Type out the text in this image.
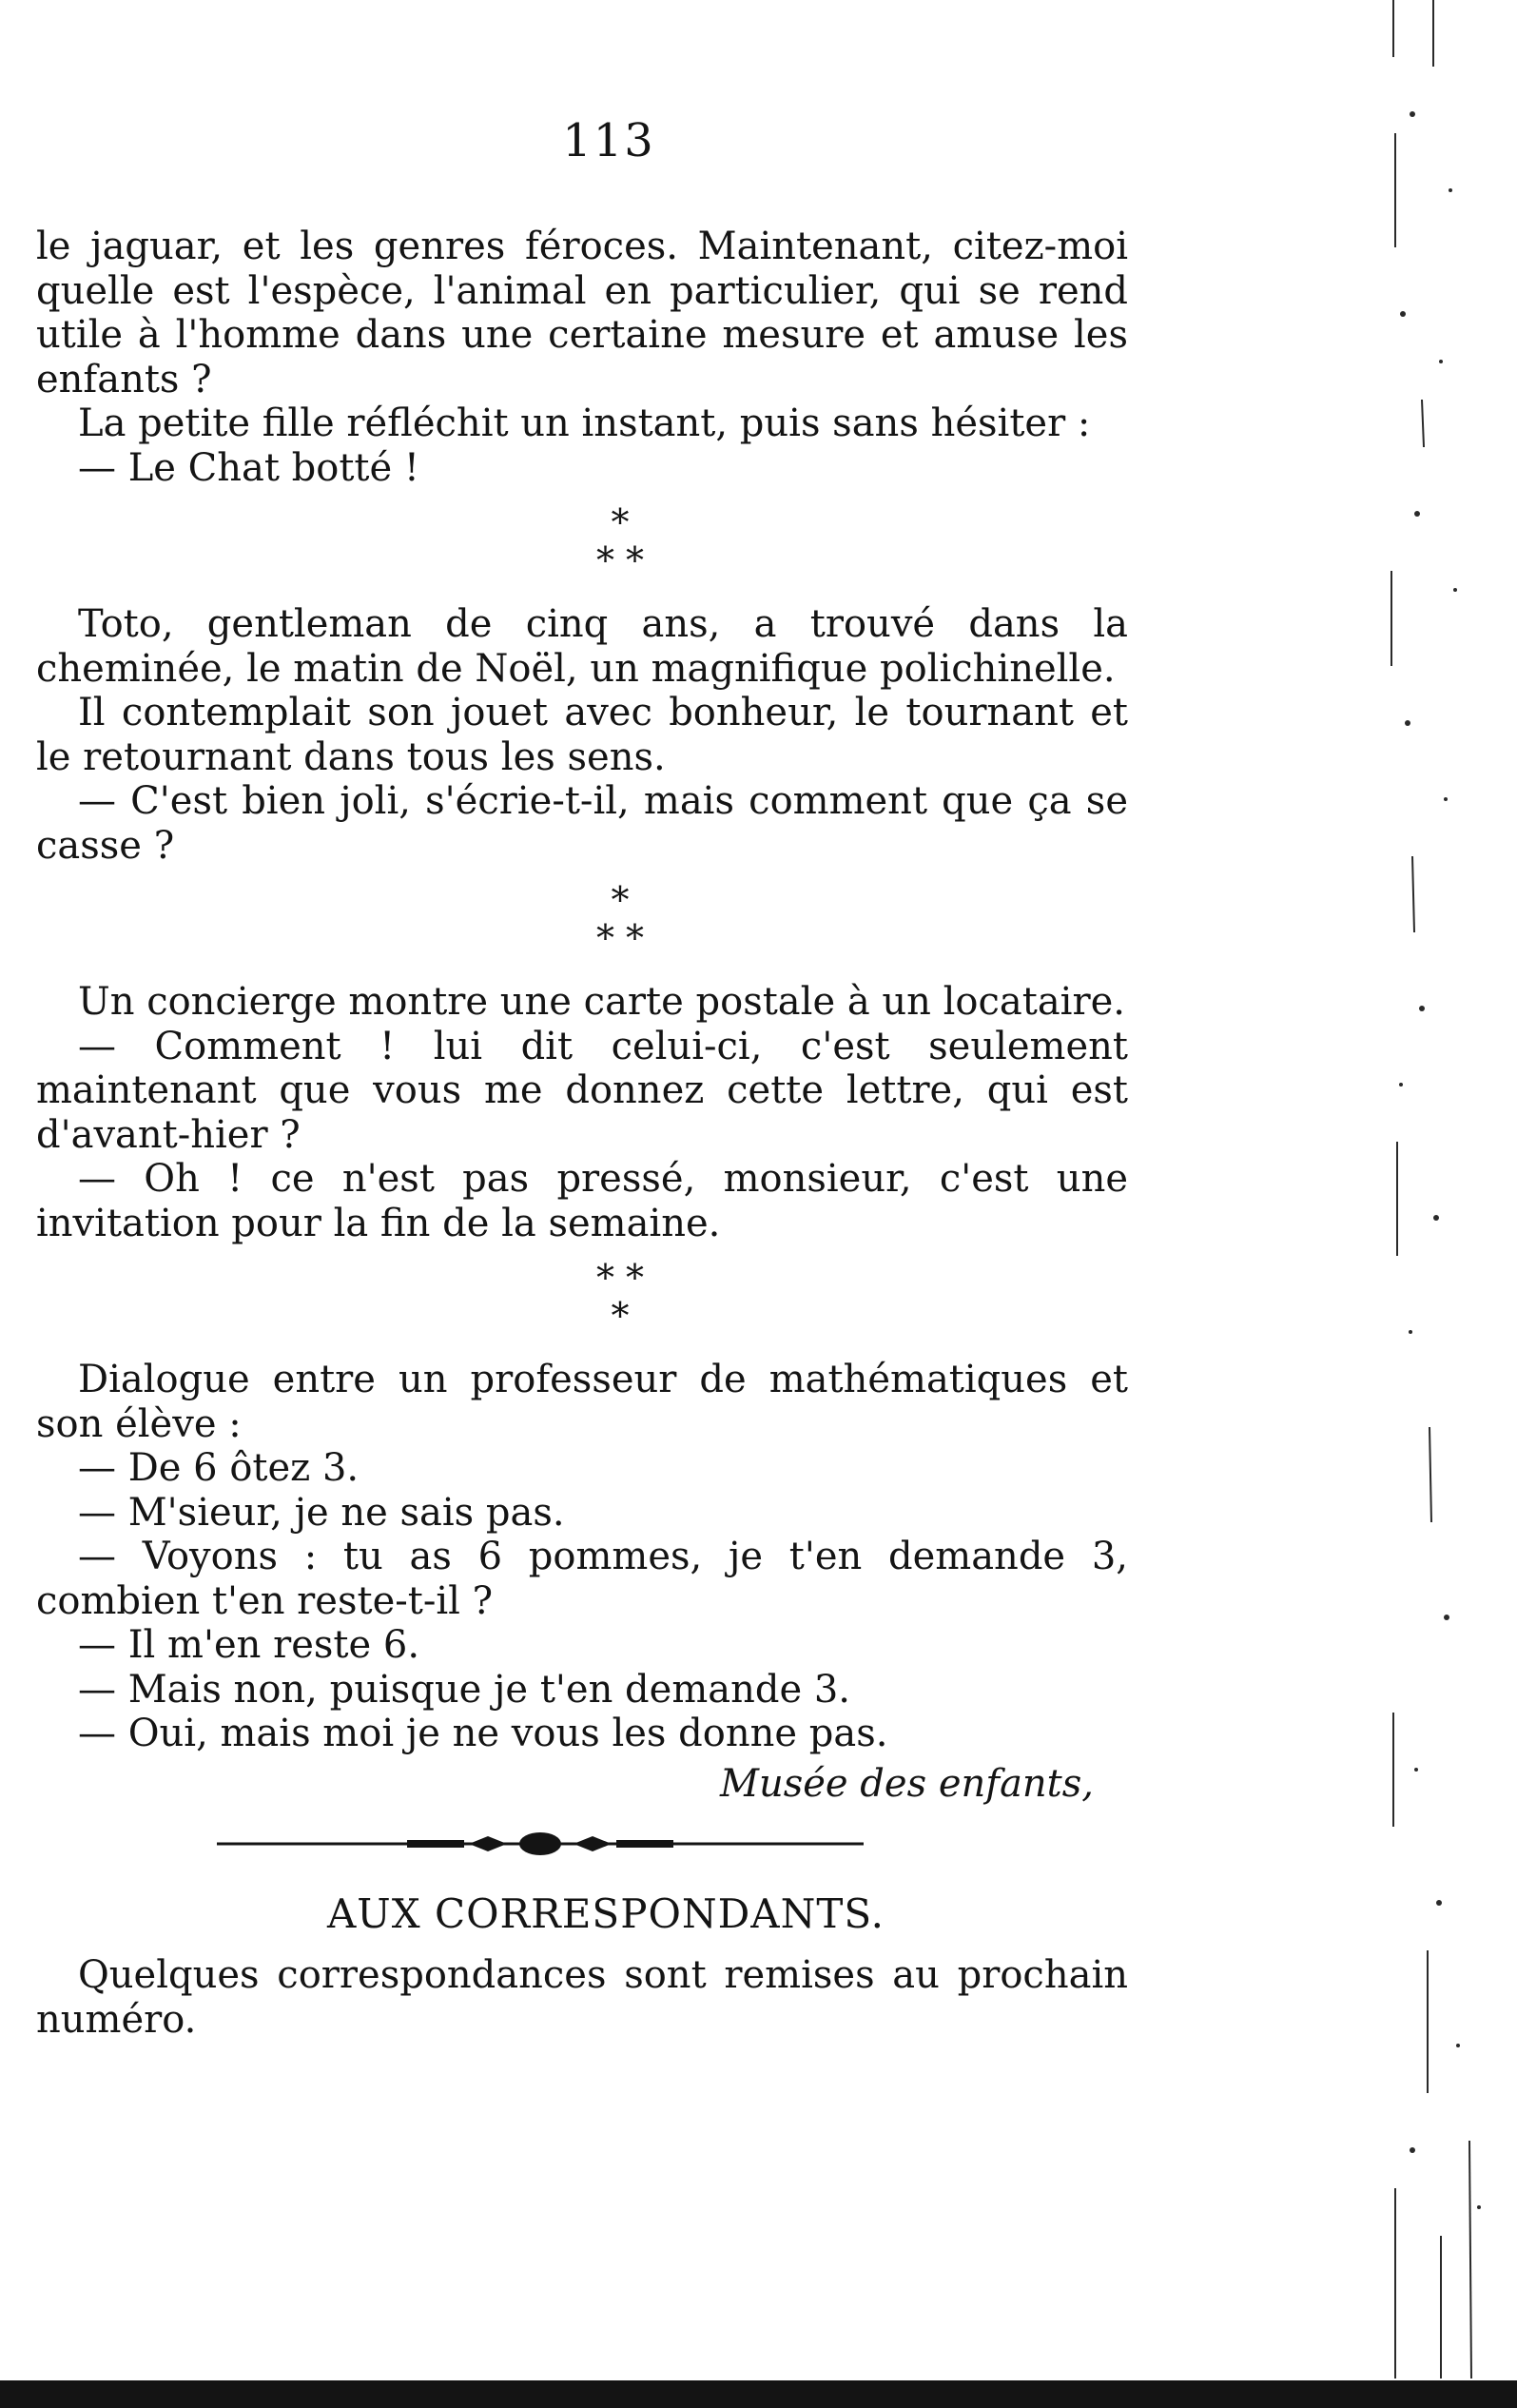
113

le jaguar, et les genres féroces. Maintenant, citez-moi quelle est l'espèce, l'animal en particulier, qui se rend utile à l'homme dans une certaine mesure et amuse les enfants ?

La petite fille réfléchit un instant, puis sans hésiter :

— Le Chat botté !

*
* *

Toto, gentleman de cinq ans, a trouvé dans la cheminée, le matin de Noël, un magnifique polichinelle.

Il contemplait son jouet avec bonheur, le tournant et le retournant dans tous les sens.

— C'est bien joli, s'écrie-t-il, mais comment que ça se casse ?

*
* *

Un concierge montre une carte postale à un locataire.

— Comment ! lui dit celui-ci, c'est seulement maintenant que vous me donnez cette lettre, qui est d'avant-hier ?

— Oh ! ce n'est pas pressé, monsieur, c'est une invitation pour la fin de la semaine.

* *
*

Dialogue entre un professeur de mathématiques et son élève :

— De 6 ôtez 3.

— M'sieur, je ne sais pas.

— Voyons : tu as 6 pommes, je t'en demande 3, combien t'en reste-t-il ?

— Il m'en reste 6.

— Mais non, puisque je t'en demande 3.

— Oui, mais moi je ne vous les donne pas.

Musée des enfants,

AUX CORRESPONDANTS.

Quelques correspondances sont remises au prochain numéro.
